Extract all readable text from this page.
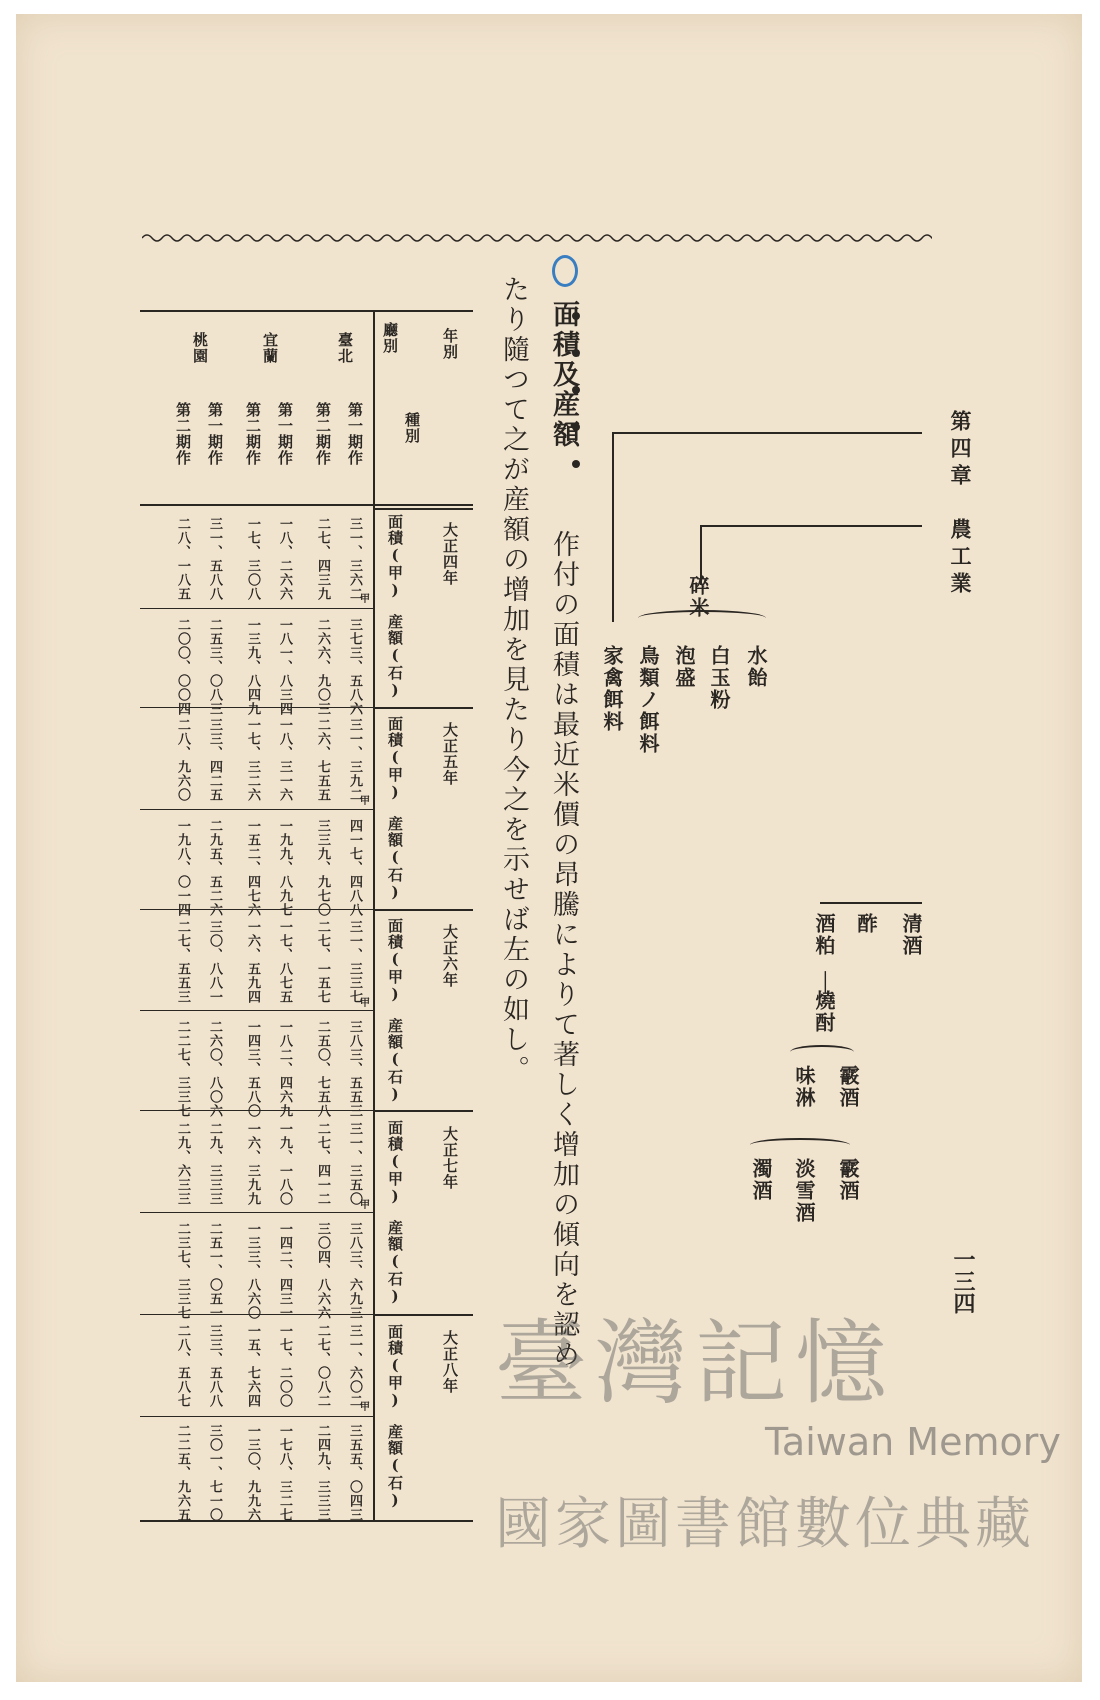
第四章　農工業
一三四
碎米
水飴
白玉粉
泡盛
鳥類ノ餌料
家禽餌料
清酒
酢
酒粕
│
燒酎
霰酒
味淋
霰酒
淡雪酒
濁酒
面積及産額
作付の面積は最近米價の昂騰によりて著しく增加の傾向を認め
たり隨つて之が産額の增加を見たり今之を示せば左の如し。
年別
種別
廳別
臺北
宜蘭
桃園
第一期作
第二期作
第一期作
第二期作
第一期作
第二期作
大正四年
大正五年
大正六年
大正七年
大正八年
面積(甲)
産額(石)
面積(甲)
産額(石)
面積(甲)
産額(石)
面積(甲)
産額(石)
面積(甲)
産額(石)
甲
甲
甲
甲
甲
三一、三六二
三七三、五八六
三一、三九二
四一七、四八八
三一、三三七
三八三、五五三
三一、三五〇
三八三、六九三
三一、六〇二
三五五、〇四三
二七、四三九
二六六、九〇三
二六、七五五
三三九、九七〇
二七、一五七
二五〇、七五八
二七、四一二
三〇四、八六六
二七、〇八二
二四九、三三三
一八、二六六
一八一、八三四
一八、三一六
一九九、八九七
一七、八七五
一八二、四六九
一九、一八〇
一四二、四三一
一七、二〇〇
一七八、三二七
一七、三〇八
一三九、八四九
一七、三二六
一五二、四七六
一六、五九四
一四三、五八〇
一六、三九九
一三三、八六〇
一五、七六四
一三〇、九九六
三一、五八八
二五三、〇八三
三三、四二五
二九五、五二六
三〇、八八一
二六〇、八〇六
二九、三三三
二五一、〇五一
三三、五八八
三〇一、七一〇
二八、一八五
二〇〇、〇〇四
二八、九六〇
一九八、〇一四
二七、五五三
二二七、三三七
二九、六三三
二三七、三三七
二八、五八七
二二五、九六五
臺灣記憶
Taiwan Memory
國家圖書館數位典藏
